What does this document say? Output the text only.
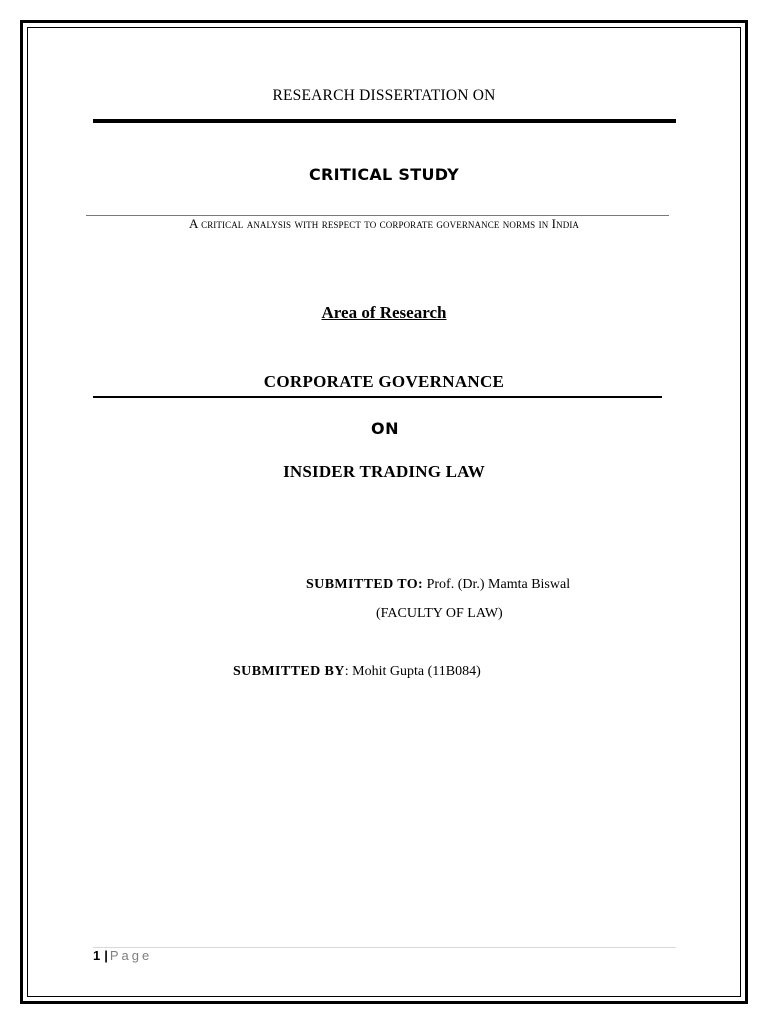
RESEARCH DISSERTATION ON
CRITICAL STUDY
A critical analysis with respect to corporate governance norms in India
Area of Research
CORPORATE GOVERNANCE
ON
INSIDER TRADING LAW
SUBMITTED TO: Prof. (Dr.) Mamta Biswal
(FACULTY OF LAW)
SUBMITTED BY: Mohit Gupta (11B084)
1 | Page
